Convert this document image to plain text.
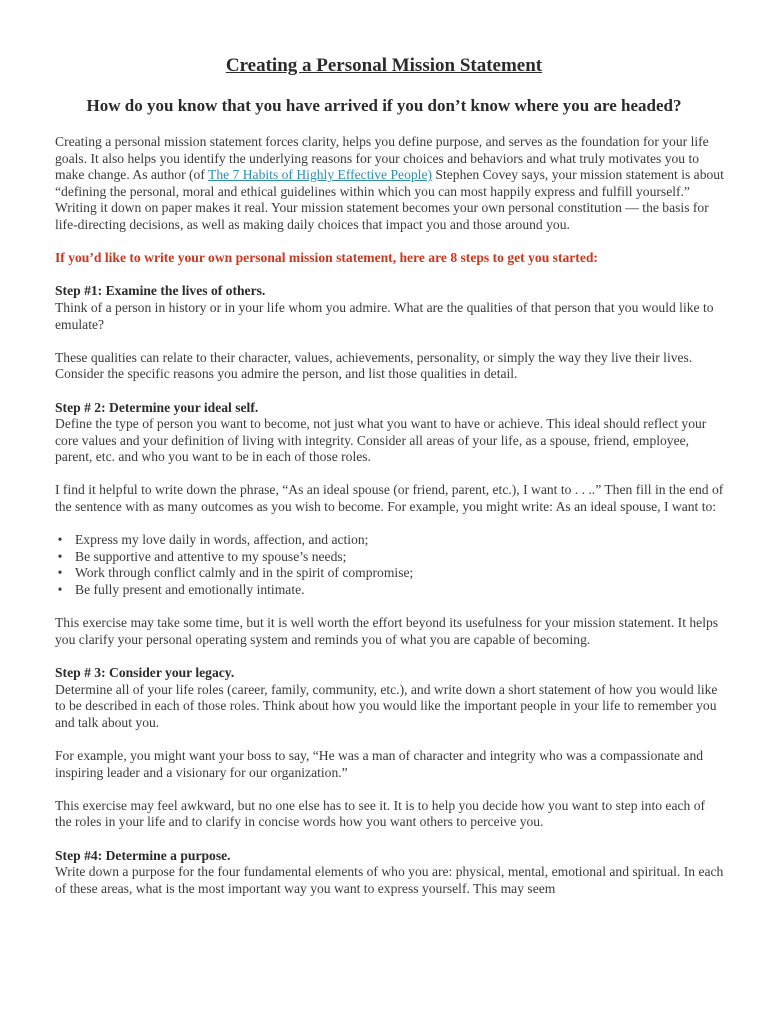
Creating a Personal Mission Statement
How do you know that you have arrived if you don’t know where you are headed?

Creating a personal mission statement forces clarity, helps you define purpose, and serves as the foundation for your life goals. It also helps you identify the underlying reasons for your choices and behaviors and what truly motivates you to make change. As author (of The 7 Habits of Highly Effective People) Stephen Covey says, your mission statement is about “defining the personal, moral and ethical guidelines within which you can most happily express and fulfill yourself.” Writing it down on paper makes it real. Your mission statement becomes your own personal constitution — the basis for life-directing decisions, as well as making daily choices that impact you and those around you.

If you’d like to write your own personal mission statement, here are 8 steps to get you started:

Step #1: Examine the lives of others.
Think of a person in history or in your life whom you admire. What are the qualities of that person that you would like to emulate?

These qualities can relate to their character, values, achievements, personality, or simply the way they live their lives. Consider the specific reasons you admire the person, and list those qualities in detail.

Step # 2: Determine your ideal self.
Define the type of person you want to become, not just what you want to have or achieve. This ideal should reflect your core values and your definition of living with integrity. Consider all areas of your life, as a spouse, friend, employee, parent, etc. and who you want to be in each of those roles.

I find it helpful to write down the phrase, “As an ideal spouse (or friend, parent, etc.), I want to . . ..” Then fill in the end of the sentence with as many outcomes as you wish to become. For example, you might write: As an ideal spouse, I want to:

• Express my love daily in words, affection, and action;
• Be supportive and attentive to my spouse’s needs;
• Work through conflict calmly and in the spirit of compromise;
• Be fully present and emotionally intimate.

This exercise may take some time, but it is well worth the effort beyond its usefulness for your mission statement. It helps you clarify your personal operating system and reminds you of what you are capable of becoming.

Step # 3: Consider your legacy.
Determine all of your life roles (career, family, community, etc.), and write down a short statement of how you would like to be described in each of those roles. Think about how you would like the important people in your life to remember you and talk about you.

For example, you might want your boss to say, “He was a man of character and integrity who was a compassionate and inspiring leader and a visionary for our organization.”

This exercise may feel awkward, but no one else has to see it. It is to help you decide how you want to step into each of the roles in your life and to clarify in concise words how you want others to perceive you.

Step #4: Determine a purpose.
Write down a purpose for the four fundamental elements of who you are: physical, mental, emotional and spiritual. In each of these areas, what is the most important way you want to express yourself. This may seem
